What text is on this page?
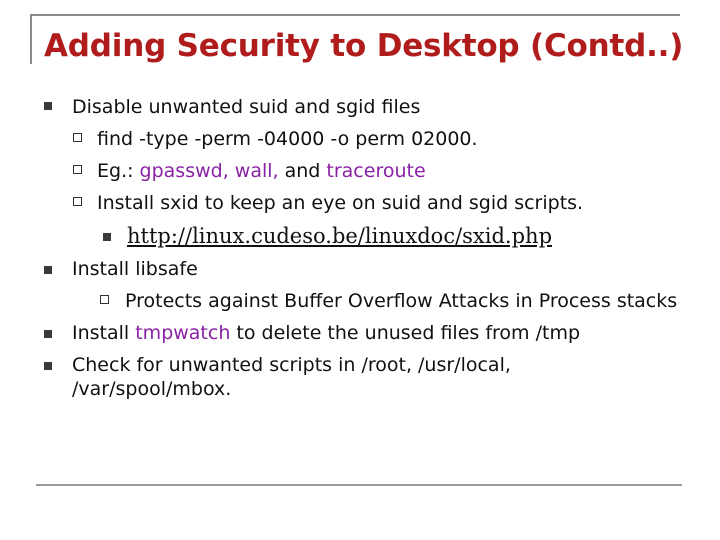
Adding Security to Desktop (Contd..)
Disable unwanted suid and sgid files
find -type -perm -04000 -o perm 02000.
Eg.: gpasswd, wall, and traceroute
Install sxid to keep an eye on suid and sgid scripts.
http://linux.cudeso.be/linuxdoc/sxid.php
Install libsafe
Protects against Buffer Overflow Attacks in Process stacks
Install tmpwatch to delete the unused files from /tmp
Check for unwanted scripts in /root, /usr/local,
/var/spool/mbox.
